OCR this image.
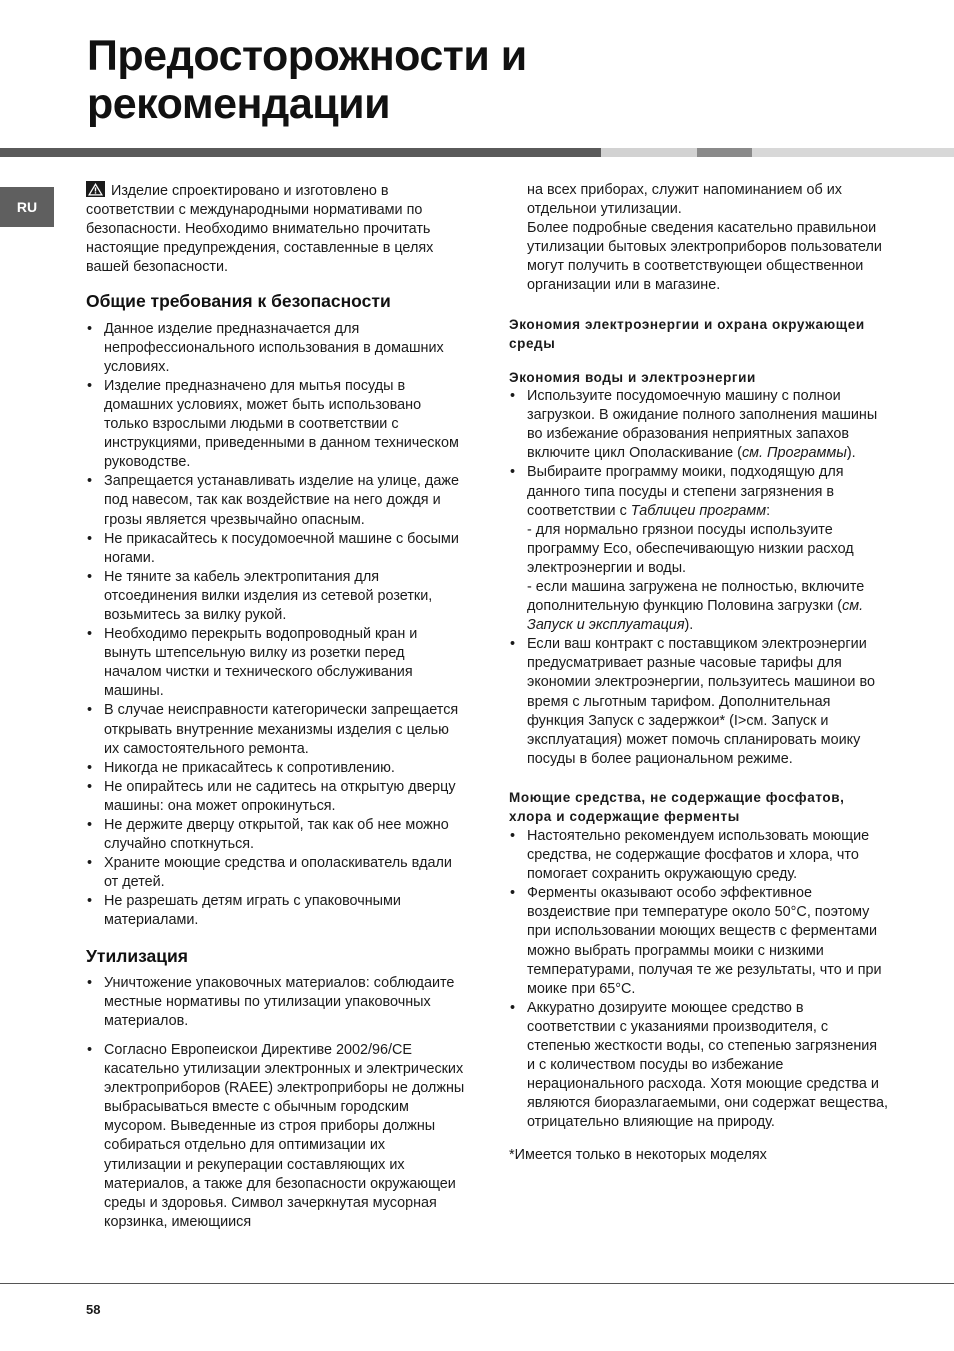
Предосторожности и
рекомендации
RU

Изделие спроектировано и изготовлено в соответствии с международными нормативами по безопасности. Необходимо внимательно прочитать настоящие предупреждения, составленные в целях вашей безопасности.

Общие требования к безопасности
• Данное изделие предназначается для непрофессионального использования в домашних условиях.
• Изделие предназначено для мытья посуды в домашних условиях, может быть использовано только взрослыми людьми в соответствии с инструкциями, приведенными в данном техническом руководстве.
• Запрещается устанавливать изделие на улице, даже под навесом, так как воздействие на него дождя и грозы является чрезвычайно опасным.
• Не прикасайтесь к посудомоечной машине с босыми ногами.
• Не тяните за кабель электропитания для отсоединения вилки изделия из сетевой розетки, возьмитесь за вилку рукой.
• Необходимо перекрыть водопроводный кран и вынуть штепсельную вилку из розетки перед началом чистки и технического обслуживания машины.
• В случае неисправности категорически запрещается открывать внутренние механизмы изделия с целью их самостоятельного ремонта.
• Никогда не прикасайтесь к сопротивлению.
• Не опирайтесь или не садитесь на открытую дверцу машины: она может опрокинуться.
• Не держите дверцу открытой, так как об нее можно случайно споткнуться.
• Храните моющие средства и ополаскиватель вдали от детей.
• Не разрешать детям играть с упаковочными материалами.
Утилизация
• Уничтожение упаковочных материалов: соблюдаите местные нормативы по утилизации упаковочных материалов.
• Согласно Европеискои Директиве 2002/96/CE касательно утилизации электронных и электрических электроприборов (RAEE) электроприборы не должны выбрасываться вместе с обычным городским мусором. Выведенные из строя приборы должны собираться отдельно для оптимизации их утилизации и рекуперации составляющих их материалов, а также для безопасности окружающеи среды и здоровья. Символ зачеркнутая мусорная корзинка, имеющиися

на всех приборах, служит напоминанием об их отдельнои утилизации.

Более подробные сведения касательно правильнои утилизации бытовых электроприборов пользователи могут получить в соответствующеи общественнои организации или в магазине.

Экономия электроэнергии и охрана окружающеи среды
Экономия воды и электроэнергии
• Используите посудомоечную машину с полнои загрузкои. В ожидание полного заполнения машины во избежание образования неприятных запахов включите цикл Ополаскивание (см. Программы).
• Выбираите программу моики, подходящую для данного типа посуды и степени загрязнения в соответствии с Таблицеи программ:
- для нормально грязнои посуды используите программу Eco, обеспечивающую низкии расход электроэнергии и воды.
- если машина загружена не полностью, включите дополнительную функцию Половина загрузки (см. Запуск и эксплуатация).
• Если ваш контракт с поставщиком электроэнергии предусматривает разные часовые тарифы для экономии электроэнергии, пользуитесь машинои во время с льготным тарифом. Дополнительная функция Запуск с задержкои* (I>см. Запуск и эксплуатация) может помочь спланировать моику посуды в более рациональном режиме.
Моющие средства, не содержащие фосфатов, хлора и содержащие ферменты
• Настоятельно рекомендуем использовать моющие средства, не содержащие фосфатов и хлора, что помогает сохранить окружающую среду.
• Ферменты оказывают особо эффективное воздеиствие при температуре около 50°C, поэтому при использовании моющих веществ с ферментами можно выбрать программы моики с низкими температурами, получая те же результаты, что и при моике при 65°C.
• Аккуратно дозируите моющее средство в соответствии с указаниями производителя, с степенью жесткости воды, со степенью загрязнения и с количеством посуды во избежание нерационального расхода. Хотя моющие средства и являются биоразлагаемыми, они содержат вещества, отрицательно влияющие на природу.

*Имеется только в некоторых моделях

58
